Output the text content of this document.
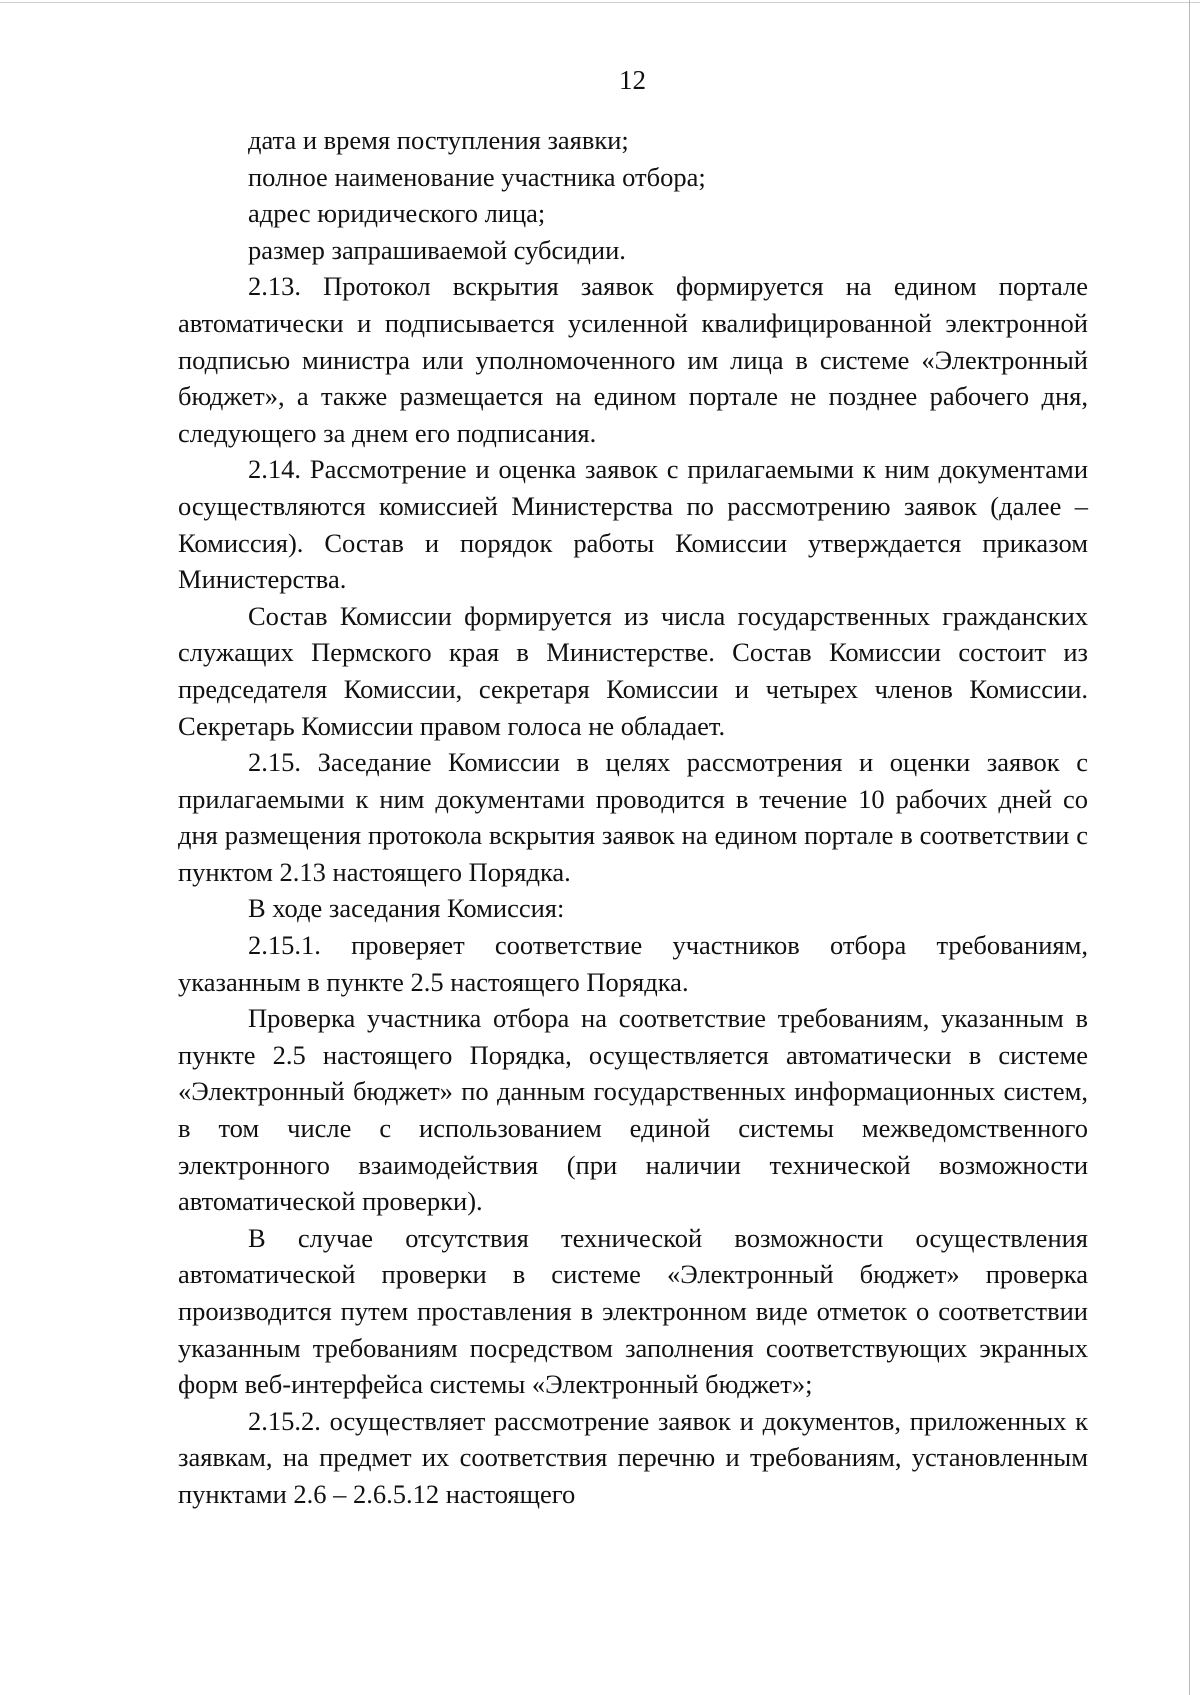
12

дата и время поступления заявки;

полное наименование участника отбора;

адрес юридического лица;

размер запрашиваемой субсидии.

2.13. Протокол вскрытия заявок формируется на едином портале автоматически и подписывается усиленной квалифицированной электронной подписью министра или уполномоченного им лица в системе «Электронный бюджет», а также размещается на едином портале не позднее рабочего дня, следующего за днем его подписания.

2.14. Рассмотрение и оценка заявок с прилагаемыми к ним документами осуществляются комиссией Министерства по рассмотрению заявок (далее – Комиссия). Состав и порядок работы Комиссии утверждается приказом Министерства.

Состав Комиссии формируется из числа государственных гражданских служащих Пермского края в Министерстве. Состав Комиссии состоит из председателя Комиссии, секретаря Комиссии и четырех членов Комиссии. Секретарь Комиссии правом голоса не обладает.

2.15. Заседание Комиссии в целях рассмотрения и оценки заявок с прилагаемыми к ним документами проводится в течение 10 рабочих дней со дня размещения протокола вскрытия заявок на едином портале в соответствии с пунктом 2.13 настоящего Порядка.

В ходе заседания Комиссия:

2.15.1. проверяет соответствие участников отбора требованиям, указанным в пункте 2.5 настоящего Порядка.

Проверка участника отбора на соответствие требованиям, указанным в пункте 2.5 настоящего Порядка, осуществляется автоматически в системе «Электронный бюджет» по данным государственных информационных систем, в том числе с использованием единой системы межведомственного электронного взаимодействия (при наличии технической возможности автоматической проверки).

В случае отсутствия технической возможности осуществления автоматической проверки в системе «Электронный бюджет» проверка производится путем проставления в электронном виде отметок о соответствии указанным требованиям посредством заполнения соответствующих экранных форм веб-интерфейса системы «Электронный бюджет»;

2.15.2. осуществляет рассмотрение заявок и документов, приложенных к заявкам, на предмет их соответствия перечню и требованиям, установленным пунктами 2.6 – 2.6.5.12 настоящего
